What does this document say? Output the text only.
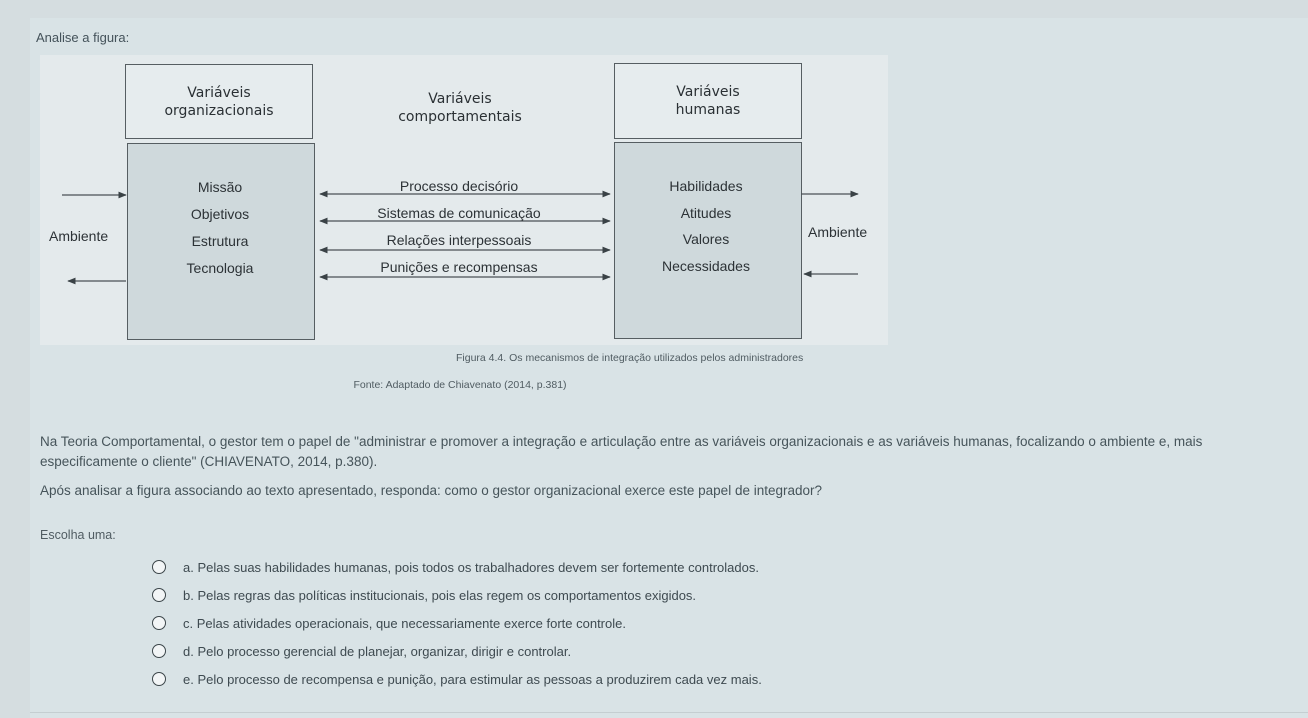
Analise a figura:
Variáveis
organizacionais
Variáveis
comportamentais
Variáveis
humanas
Ambiente	Ambiente
Missão
Objetivos
Estrutura
Tecnologia
Processo decisório
Sistemas de comunicação
Relações interpessoais
Punições e recompensas
Habilidades
Atitudes
Valores
Necessidades
Figura 4.4. Os mecanismos de integração utilizados pelos administradores
Fonte: Adaptado de Chiavenato (2014, p.381)
Na Teoria Comportamental, o gestor tem o papel de "administrar e promover a integração e articulação entre as variáveis organizacionais e as variáveis humanas, focalizando o ambiente e, mais especificamente o cliente" (CHIAVENATO, 2014, p.380).
Após analisar a figura associando ao texto apresentado, responda: como o gestor organizacional exerce este papel de integrador?
Escolha uma:
a. Pelas suas habilidades humanas, pois todos os trabalhadores devem ser fortemente controlados.
b. Pelas regras das políticas institucionais, pois elas regem os comportamentos exigidos.
c. Pelas atividades operacionais, que necessariamente exerce forte controle.
d. Pelo processo gerencial de planejar, organizar, dirigir e controlar.
e. Pelo processo de recompensa e punição, para estimular as pessoas a produzirem cada vez mais.
